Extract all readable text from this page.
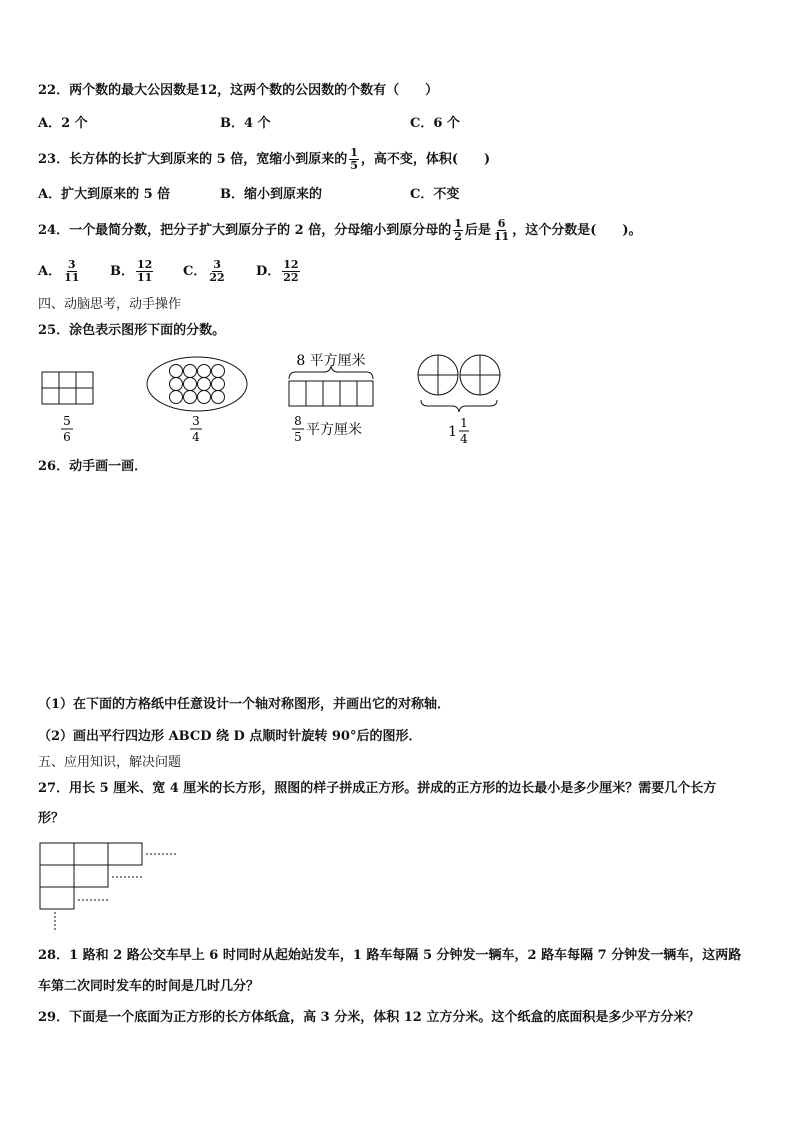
22．两个数的最大公因数是12，这两个数的公因数的个数有（　　）
A．2 个	B．4 个	C．6 个
23．长方体的长扩大到原来的 5 倍，宽缩小到原来的 $\frac{1}{5}$ ，高不变，体积(　　)
A．扩大到原来的 5 倍	B．缩小到原来的	C．不变
24．一个最简分数，把分子扩大到原分子的 2 倍，分母缩小到原分母的 $\frac{1}{2}$ 后是 $\frac{6}{11}$ ，这个分数是(　　)。
A． $\frac{3}{11}$ B． $\frac{12}{11}$ C． $\frac{3}{22}$ D． $\frac{12}{22}$
四、动脑思考，动手操作
25．涂色表示图形下面的分数。
5
6
3
4
8 平方厘米
8
5 平方厘米	1
1
4
26．动手画一画．
（1）在下面的方格纸中任意设计一个轴对称图形，并画出它的对称轴．
（2）画出平行四边形 ABCD 绕 D 点顺时针旋转 90°后的图形．
五、应用知识，解决问题
27．用长 5 厘米、宽 4 厘米的长方形，照图的样子拼成正方形。拼成的正方形的边长最小是多少厘米？需要几个长方
形？
28．1 路和 2 路公交车早上 6 时同时从起始站发车，1 路车每隔 5 分钟发一辆车，2 路车每隔 7 分钟发一辆车，这两路
车第二次同时发车的时间是几时几分？
29．下面是一个底面为正方形的长方体纸盒，高 3 分米，体积 12 立方分米。这个纸盒的底面积是多少平方分米？
